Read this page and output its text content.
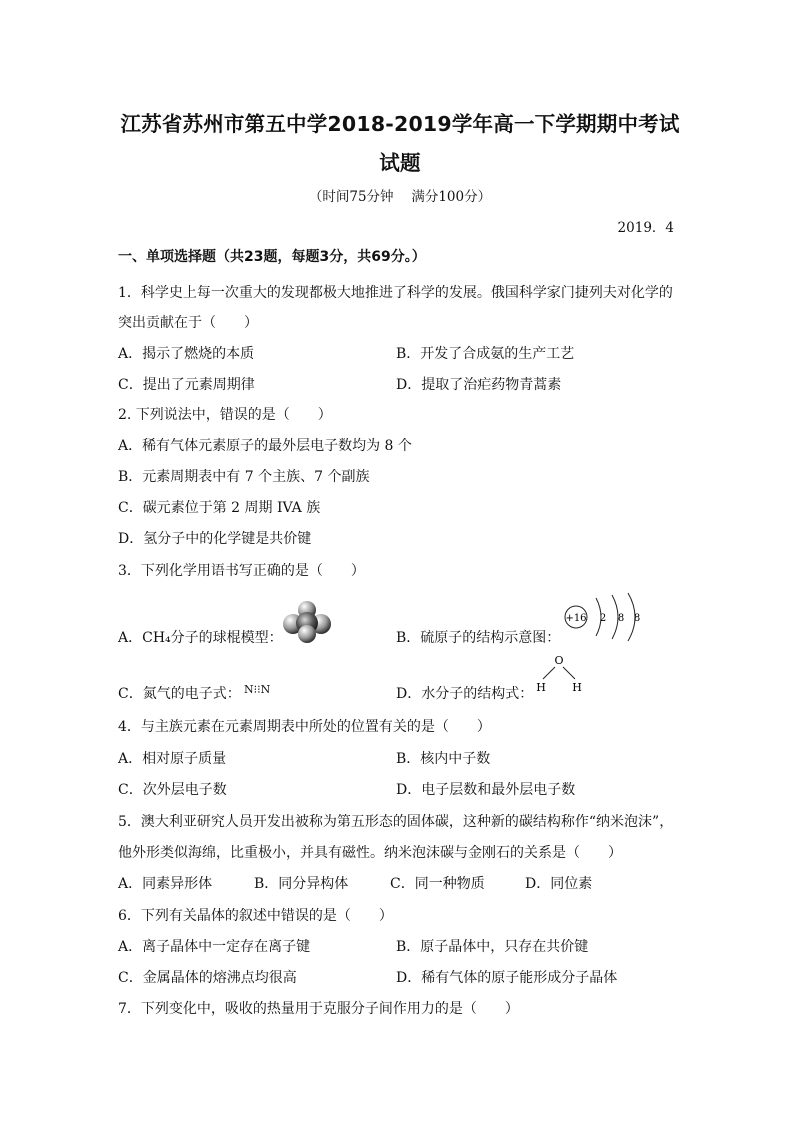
江苏省苏州市第五中学2018-2019学年高一下学期期中考试
试题
（时间75分钟　 满分100分）
2019．4
一、单项选择题（共23题，每题3分，共69分。）
1．科学史上每一次重大的发现都极大地推进了科学的发展。俄国科学家门捷列夫对化学的
突出贡献在于（　　）
A．揭示了燃烧的本质	B．开发了合成氨的生产工艺
C．提出了元素周期律	D．提取了治疟药物青蒿素
2. 下列说法中，错误的是（　　）
A．稀有气体元素原子的最外层电子数均为 8 个
B．元素周期表中有 7 个主族、7 个副族
C．碳元素位于第 2 周期 IVA 族
D．氢分子中的化学键是共价键
3．下列化学用语书写正确的是（　　）
A．CH₄分子的球棍模型：	B．硫原子的结构示意图：
+16 2 8 8
C．氮气的电子式： N⁝⁝N	D．水分子的结构式：
O
H H
4．与主族元素在元素周期表中所处的位置有关的是（　　）
A．相对原子质量	B．核内中子数
C．次外层电子数	D．电子层数和最外层电子数
5．澳大利亚研究人员开发出被称为第五形态的固体碳，这种新的碳结构称作“纳米泡沫”，
他外形类似海绵，比重极小，并具有磁性。纳米泡沫碳与金刚石的关系是（　　）
A．同素异形体	B．同分异构体	C．同一种物质	D．同位素
6．下列有关晶体的叙述中错误的是（　　）
A．离子晶体中一定存在离子键	B．原子晶体中，只存在共价键
C．金属晶体的熔沸点均很高	D．稀有气体的原子能形成分子晶体
7．下列变化中，吸收的热量用于克服分子间作用力的是（　　）
